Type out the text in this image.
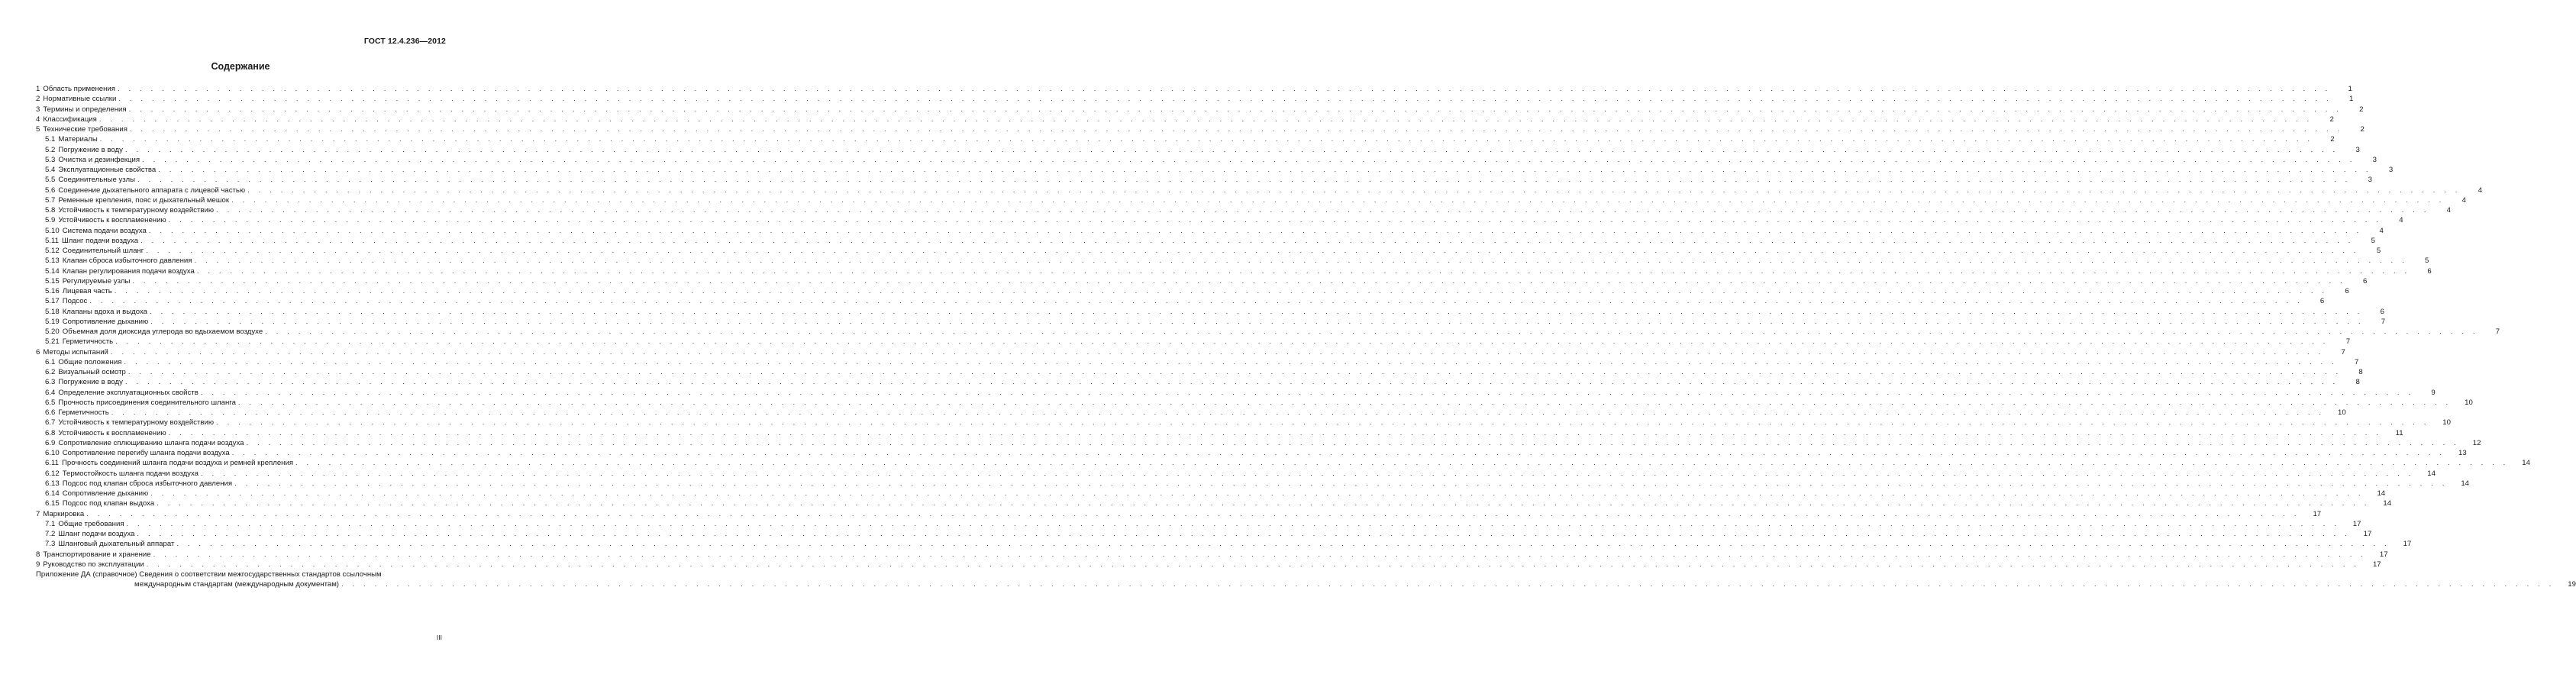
ГОСТ 12.4.236—2012
Содержание
1 Область применения . . . . . . . . . . . . . . . . . . . . . . . . . . . . . . . . . . . . . . . . . . . . . . . . . . . . . . . . . . . . . . . . . . . . . . . . . . . . . . . . . . . . . . . . . . . . . . . . . . . . . . . . . . . . . . . . . . . . . . . . . . . . . . . . . . . . . . . . . . . . . . . . . . . . . . . . . . . . . . . . . . . . . . . . . . . . . . . . . . . . . . . . . . . . . . . . . . . . . . . .	1
2 Нормативные ссылки . . . . . . . . . . . . . . . . . . . . . . . . . . . . . . . . . . . . . . . . . . . . . . . . . . . . . . . . . . . . . . . . . . . . . . . . . . . . . . . . . . . . . . . . . . . . . . . . . . . . . . . . . . . . . . . . . . . . . . . . . . . . . . . . . . . . . . . . . . . . . . . . . . . . . . . . . . . . . . . . . . . . . . . . . . . . . . . . . . . . . . . . . . . . . . . . . . . . . . . .	1
3 Термины и определения . . . . . . . . . . . . . . . . . . . . . . . . . . . . . . . . . . . . . . . . . . . . . . . . . . . . . . . . . . . . . . . . . . . . . . . . . . . . . . . . . . . . . . . . . . . . . . . . . . . . . . . . . . . . . . . . . . . . . . . . . . . . . . . . . . . . . . . . . . . . . . . . . . . . . . . . . . . . . . . . . . . . . . . . . . . . . . . . . . . . . . . . . . . . . . . . . . . . . . . .	2
4 Классификация . . . . . . . . . . . . . . . . . . . . . . . . . . . . . . . . . . . . . . . . . . . . . . . . . . . . . . . . . . . . . . . . . . . . . . . . . . . . . . . . . . . . . . . . . . . . . . . . . . . . . . . . . . . . . . . . . . . . . . . . . . . . . . . . . . . . . . . . . . . . . . . . . . . . . . . . . . . . . . . . . . . . . . . . . . . . . . . . . . . . . . . . . . . . . . . . . . . . . . . .	2
5 Технические требования . . . . . . . . . . . . . . . . . . . . . . . . . . . . . . . . . . . . . . . . . . . . . . . . . . . . . . . . . . . . . . . . . . . . . . . . . . . . . . . . . . . . . . . . . . . . . . . . . . . . . . . . . . . . . . . . . . . . . . . . . . . . . . . . . . . . . . . . . . . . . . . . . . . . . . . . . . . . . . . . . . . . . . . . . . . . . . . . . . . . . . . . . . . . . . . . . . . . . . . .	2
5.1 Материалы . . . . . . . . . . . . . . . . . . . . . . . . . . . . . . . . . . . . . . . . . . . . . . . . . . . . . . . . . . . . . . . . . . . . . . . . . . . . . . . . . . . . . . . . . . . . . . . . . . . . . . . . . . . . . . . . . . . . . . . . . . . . . . . . . . . . . . . . . . . . . . . . . . . . . . . . . . . . . . . . . . . . . . . . . . . . . . . . . . . . . . . . . . . . . . . . . . . . . . . .	2
5.2 Погружение в воду . . . . . . . . . . . . . . . . . . . . . . . . . . . . . . . . . . . . . . . . . . . . . . . . . . . . . . . . . . . . . . . . . . . . . . . . . . . . . . . . . . . . . . . . . . . . . . . . . . . . . . . . . . . . . . . . . . . . . . . . . . . . . . . . . . . . . . . . . . . . . . . . . . . . . . . . . . . . . . . . . . . . . . . . . . . . . . . . . . . . . . . . . . . . . . . . . . . . . . . .	3
5.3 Очистка и дезинфекция . . . . . . . . . . . . . . . . . . . . . . . . . . . . . . . . . . . . . . . . . . . . . . . . . . . . . . . . . . . . . . . . . . . . . . . . . . . . . . . . . . . . . . . . . . . . . . . . . . . . . . . . . . . . . . . . . . . . . . . . . . . . . . . . . . . . . . . . . . . . . . . . . . . . . . . . . . . . . . . . . . . . . . . . . . . . . . . . . . . . . . . . . . . . . . . . . . . . . . . .	3
5.4 Эксплуатационные свойства . . . . . . . . . . . . . . . . . . . . . . . . . . . . . . . . . . . . . . . . . . . . . . . . . . . . . . . . . . . . . . . . . . . . . . . . . . . . . . . . . . . . . . . . . . . . . . . . . . . . . . . . . . . . . . . . . . . . . . . . . . . . . . . . . . . . . . . . . . . . . . . . . . . . . . . . . . . . . . . . . . . . . . . . . . . . . . . . . . . . . . . . . . . . . . . . . . . . . . . .	3
5.5 Соединительные узлы . . . . . . . . . . . . . . . . . . . . . . . . . . . . . . . . . . . . . . . . . . . . . . . . . . . . . . . . . . . . . . . . . . . . . . . . . . . . . . . . . . . . . . . . . . . . . . . . . . . . . . . . . . . . . . . . . . . . . . . . . . . . . . . . . . . . . . . . . . . . . . . . . . . . . . . . . . . . . . . . . . . . . . . . . . . . . . . . . . . . . . . . . . . . . . . . . . . . . . . .	3
5.6 Соединение дыхательного аппарата с лицевой частью . . . . . . . . . . . . . . . . . . . . . . . . . . . . . . . . . . . . . . . . . . . . . . . . . . . . . . . . . . . . . . . . . . . . . . . . . . . . . . . . . . . . . . . . . . . . . . . . . . . . . . . . . . . . . . . . . . . . . . . . . . . . . . . . . . . . . . . . . . . . . . . . . . . . . . . . . . . . . . . . . . . . . . . . . . . . . . . . . . . . . . . . . . . . . . . . . . . . . . . .	4
5.7 Ременные крепления, пояс и дыхательный мешок . . . . . . . . . . . . . . . . . . . . . . . . . . . . . . . . . . . . . . . . . . . . . . . . . . . . . . . . . . . . . . . . . . . . . . . . . . . . . . . . . . . . . . . . . . . . . . . . . . . . . . . . . . . . . . . . . . . . . . . . . . . . . . . . . . . . . . . . . . . . . . . . . . . . . . . . . . . . . . . . . . . . . . . . . . . . . . . . . . . . . . . . . . . . . . . . . . . . . . . .	4
5.8 Устойчивость к температурному воздействию . . . . . . . . . . . . . . . . . . . . . . . . . . . . . . . . . . . . . . . . . . . . . . . . . . . . . . . . . . . . . . . . . . . . . . . . . . . . . . . . . . . . . . . . . . . . . . . . . . . . . . . . . . . . . . . . . . . . . . . . . . . . . . . . . . . . . . . . . . . . . . . . . . . . . . . . . . . . . . . . . . . . . . . . . . . . . . . . . . . . . . . . . . . . . . . . . . . . . . . .	4
5.9 Устойчивость к воспламенению . . . . . . . . . . . . . . . . . . . . . . . . . . . . . . . . . . . . . . . . . . . . . . . . . . . . . . . . . . . . . . . . . . . . . . . . . . . . . . . . . . . . . . . . . . . . . . . . . . . . . . . . . . . . . . . . . . . . . . . . . . . . . . . . . . . . . . . . . . . . . . . . . . . . . . . . . . . . . . . . . . . . . . . . . . . . . . . . . . . . . . . . . . . . . . . . . . . . . . . .	4
5.10 Система подачи воздуха . . . . . . . . . . . . . . . . . . . . . . . . . . . . . . . . . . . . . . . . . . . . . . . . . . . . . . . . . . . . . . . . . . . . . . . . . . . . . . . . . . . . . . . . . . . . . . . . . . . . . . . . . . . . . . . . . . . . . . . . . . . . . . . . . . . . . . . . . . . . . . . . . . . . . . . . . . . . . . . . . . . . . . . . . . . . . . . . . . . . . . . . . . . . . . . . . . . . . . . .	4
5.11 Шланг подачи воздуха . . . . . . . . . . . . . . . . . . . . . . . . . . . . . . . . . . . . . . . . . . . . . . . . . . . . . . . . . . . . . . . . . . . . . . . . . . . . . . . . . . . . . . . . . . . . . . . . . . . . . . . . . . . . . . . . . . . . . . . . . . . . . . . . . . . . . . . . . . . . . . . . . . . . . . . . . . . . . . . . . . . . . . . . . . . . . . . . . . . . . . . . . . . . . . . . . . . . . . . .	5
5.12 Соединительный шланг . . . . . . . . . . . . . . . . . . . . . . . . . . . . . . . . . . . . . . . . . . . . . . . . . . . . . . . . . . . . . . . . . . . . . . . . . . . . . . . . . . . . . . . . . . . . . . . . . . . . . . . . . . . . . . . . . . . . . . . . . . . . . . . . . . . . . . . . . . . . . . . . . . . . . . . . . . . . . . . . . . . . . . . . . . . . . . . . . . . . . . . . . . . . . . . . . . . . . . . .	5
5.13 Клапан сброса избыточного давления . . . . . . . . . . . . . . . . . . . . . . . . . . . . . . . . . . . . . . . . . . . . . . . . . . . . . . . . . . . . . . . . . . . . . . . . . . . . . . . . . . . . . . . . . . . . . . . . . . . . . . . . . . . . . . . . . . . . . . . . . . . . . . . . . . . . . . . . . . . . . . . . . . . . . . . . . . . . . . . . . . . . . . . . . . . . . . . . . . . . . . . . . . . . . . . . . . . . . . . .	5
5.14 Клапан регулирования подачи воздуха . . . . . . . . . . . . . . . . . . . . . . . . . . . . . . . . . . . . . . . . . . . . . . . . . . . . . . . . . . . . . . . . . . . . . . . . . . . . . . . . . . . . . . . . . . . . . . . . . . . . . . . . . . . . . . . . . . . . . . . . . . . . . . . . . . . . . . . . . . . . . . . . . . . . . . . . . . . . . . . . . . . . . . . . . . . . . . . . . . . . . . . . . . . . . . . . . . . . . . . .	6
5.15 Регулируемые узлы . . . . . . . . . . . . . . . . . . . . . . . . . . . . . . . . . . . . . . . . . . . . . . . . . . . . . . . . . . . . . . . . . . . . . . . . . . . . . . . . . . . . . . . . . . . . . . . . . . . . . . . . . . . . . . . . . . . . . . . . . . . . . . . . . . . . . . . . . . . . . . . . . . . . . . . . . . . . . . . . . . . . . . . . . . . . . . . . . . . . . . . . . . . . . . . . . . . . . . . .	6
5.16 Лицевая часть . . . . . . . . . . . . . . . . . . . . . . . . . . . . . . . . . . . . . . . . . . . . . . . . . . . . . . . . . . . . . . . . . . . . . . . . . . . . . . . . . . . . . . . . . . . . . . . . . . . . . . . . . . . . . . . . . . . . . . . . . . . . . . . . . . . . . . . . . . . . . . . . . . . . . . . . . . . . . . . . . . . . . . . . . . . . . . . . . . . . . . . . . . . . . . . . . . . . . . . .	6
5.17 Подсос . . . . . . . . . . . . . . . . . . . . . . . . . . . . . . . . . . . . . . . . . . . . . . . . . . . . . . . . . . . . . . . . . . . . . . . . . . . . . . . . . . . . . . . . . . . . . . . . . . . . . . . . . . . . . . . . . . . . . . . . . . . . . . . . . . . . . . . . . . . . . . . . . . . . . . . . . . . . . . . . . . . . . . . . . . . . . . . . . . . . . . . . . . . . . . . . . . . . . . . .	6
5.18 Клапаны вдоха и выдоха . . . . . . . . . . . . . . . . . . . . . . . . . . . . . . . . . . . . . . . . . . . . . . . . . . . . . . . . . . . . . . . . . . . . . . . . . . . . . . . . . . . . . . . . . . . . . . . . . . . . . . . . . . . . . . . . . . . . . . . . . . . . . . . . . . . . . . . . . . . . . . . . . . . . . . . . . . . . . . . . . . . . . . . . . . . . . . . . . . . . . . . . . . . . . . . . . . . . . . . .	6
5.19 Сопротивление дыханию . . . . . . . . . . . . . . . . . . . . . . . . . . . . . . . . . . . . . . . . . . . . . . . . . . . . . . . . . . . . . . . . . . . . . . . . . . . . . . . . . . . . . . . . . . . . . . . . . . . . . . . . . . . . . . . . . . . . . . . . . . . . . . . . . . . . . . . . . . . . . . . . . . . . . . . . . . . . . . . . . . . . . . . . . . . . . . . . . . . . . . . . . . . . . . . . . . . . . . . .	7
5.20 Объемная доля диоксида углерода во вдыхаемом воздухе . . . . . . . . . . . . . . . . . . . . . . . . . . . . . . . . . . . . . . . . . . . . . . . . . . . . . . . . . . . . . . . . . . . . . . . . . . . . . . . . . . . . . . . . . . . . . . . . . . . . . . . . . . . . . . . . . . . . . . . . . . . . . . . . . . . . . . . . . . . . . . . . . . . . . . . . . . . . . . . . . . . . . . . . . . . . . . . . . . . . . . . . . . . . . . . . . . . . . . . .	7
5.21 Герметичность . . . . . . . . . . . . . . . . . . . . . . . . . . . . . . . . . . . . . . . . . . . . . . . . . . . . . . . . . . . . . . . . . . . . . . . . . . . . . . . . . . . . . . . . . . . . . . . . . . . . . . . . . . . . . . . . . . . . . . . . . . . . . . . . . . . . . . . . . . . . . . . . . . . . . . . . . . . . . . . . . . . . . . . . . . . . . . . . . . . . . . . . . . . . . . . . . . . . . . . .	7
6 Методы испытаний . . . . . . . . . . . . . . . . . . . . . . . . . . . . . . . . . . . . . . . . . . . . . . . . . . . . . . . . . . . . . . . . . . . . . . . . . . . . . . . . . . . . . . . . . . . . . . . . . . . . . . . . . . . . . . . . . . . . . . . . . . . . . . . . . . . . . . . . . . . . . . . . . . . . . . . . . . . . . . . . . . . . . . . . . . . . . . . . . . . . . . . . . . . . . . . . . . . . . . . .	7
6.1 Общие положения . . . . . . . . . . . . . . . . . . . . . . . . . . . . . . . . . . . . . . . . . . . . . . . . . . . . . . . . . . . . . . . . . . . . . . . . . . . . . . . . . . . . . . . . . . . . . . . . . . . . . . . . . . . . . . . . . . . . . . . . . . . . . . . . . . . . . . . . . . . . . . . . . . . . . . . . . . . . . . . . . . . . . . . . . . . . . . . . . . . . . . . . . . . . . . . . . . . . . . . .	7
6.2 Визуальный осмотр . . . . . . . . . . . . . . . . . . . . . . . . . . . . . . . . . . . . . . . . . . . . . . . . . . . . . . . . . . . . . . . . . . . . . . . . . . . . . . . . . . . . . . . . . . . . . . . . . . . . . . . . . . . . . . . . . . . . . . . . . . . . . . . . . . . . . . . . . . . . . . . . . . . . . . . . . . . . . . . . . . . . . . . . . . . . . . . . . . . . . . . . . . . . . . . . . . . . . . . .	8
6.3 Погружение в воду . . . . . . . . . . . . . . . . . . . . . . . . . . . . . . . . . . . . . . . . . . . . . . . . . . . . . . . . . . . . . . . . . . . . . . . . . . . . . . . . . . . . . . . . . . . . . . . . . . . . . . . . . . . . . . . . . . . . . . . . . . . . . . . . . . . . . . . . . . . . . . . . . . . . . . . . . . . . . . . . . . . . . . . . . . . . . . . . . . . . . . . . . . . . . . . . . . . . . . . .	8
6.4 Определение эксплуатационных свойств . . . . . . . . . . . . . . . . . . . . . . . . . . . . . . . . . . . . . . . . . . . . . . . . . . . . . . . . . . . . . . . . . . . . . . . . . . . . . . . . . . . . . . . . . . . . . . . . . . . . . . . . . . . . . . . . . . . . . . . . . . . . . . . . . . . . . . . . . . . . . . . . . . . . . . . . . . . . . . . . . . . . . . . . . . . . . . . . . . . . . . . . . . . . . . . . . . . . . . . .	9
6.5 Прочность присоединения соединительного шланга . . . . . . . . . . . . . . . . . . . . . . . . . . . . . . . . . . . . . . . . . . . . . . . . . . . . . . . . . . . . . . . . . . . . . . . . . . . . . . . . . . . . . . . . . . . . . . . . . . . . . . . . . . . . . . . . . . . . . . . . . . . . . . . . . . . . . . . . . . . . . . . . . . . . . . . . . . . . . . . . . . . . . . . . . . . . . . . . . . . . . . . . . . . . . . . . . . . . . . . .	10
6.6 Герметичность . . . . . . . . . . . . . . . . . . . . . . . . . . . . . . . . . . . . . . . . . . . . . . . . . . . . . . . . . . . . . . . . . . . . . . . . . . . . . . . . . . . . . . . . . . . . . . . . . . . . . . . . . . . . . . . . . . . . . . . . . . . . . . . . . . . . . . . . . . . . . . . . . . . . . . . . . . . . . . . . . . . . . . . . . . . . . . . . . . . . . . . . . . . . . . . . . . . . . . . .	10
6.7 Устойчивость к температурному воздействию . . . . . . . . . . . . . . . . . . . . . . . . . . . . . . . . . . . . . . . . . . . . . . . . . . . . . . . . . . . . . . . . . . . . . . . . . . . . . . . . . . . . . . . . . . . . . . . . . . . . . . . . . . . . . . . . . . . . . . . . . . . . . . . . . . . . . . . . . . . . . . . . . . . . . . . . . . . . . . . . . . . . . . . . . . . . . . . . . . . . . . . . . . . . . . . . . . . . . . . .	10
6.8 Устойчивость к воспламенению . . . . . . . . . . . . . . . . . . . . . . . . . . . . . . . . . . . . . . . . . . . . . . . . . . . . . . . . . . . . . . . . . . . . . . . . . . . . . . . . . . . . . . . . . . . . . . . . . . . . . . . . . . . . . . . . . . . . . . . . . . . . . . . . . . . . . . . . . . . . . . . . . . . . . . . . . . . . . . . . . . . . . . . . . . . . . . . . . . . . . . . . . . . . . . . . . . . . . . . .	11
6.9 Сопротивление сплющиванию шланга подачи воздуха . . . . . . . . . . . . . . . . . . . . . . . . . . . . . . . . . . . . . . . . . . . . . . . . . . . . . . . . . . . . . . . . . . . . . . . . . . . . . . . . . . . . . . . . . . . . . . . . . . . . . . . . . . . . . . . . . . . . . . . . . . . . . . . . . . . . . . . . . . . . . . . . . . . . . . . . . . . . . . . . . . . . . . . . . . . . . . . . . . . . . . . . . . . . . . . . . . . . . . . .	12
6.10 Сопротивление перегибу шланга подачи воздуха . . . . . . . . . . . . . . . . . . . . . . . . . . . . . . . . . . . . . . . . . . . . . . . . . . . . . . . . . . . . . . . . . . . . . . . . . . . . . . . . . . . . . . . . . . . . . . . . . . . . . . . . . . . . . . . . . . . . . . . . . . . . . . . . . . . . . . . . . . . . . . . . . . . . . . . . . . . . . . . . . . . . . . . . . . . . . . . . . . . . . . . . . . . . . . . . . . . . . . . .	13
6.11 Прочность соединений шланга подачи воздуха и ремней крепления . . . . . . . . . . . . . . . . . . . . . . . . . . . . . . . . . . . . . . . . . . . . . . . . . . . . . . . . . . . . . . . . . . . . . . . . . . . . . . . . . . . . . . . . . . . . . . . . . . . . . . . . . . . . . . . . . . . . . . . . . . . . . . . . . . . . . . . . . . . . . . . . . . . . . . . . . . . . . . . . . . . . . . . . . . . . . . . . . . . . . . . . . . . . . . . . . . . . . . . .	14
6.12 Термостойкость шланга подачи воздуха . . . . . . . . . . . . . . . . . . . . . . . . . . . . . . . . . . . . . . . . . . . . . . . . . . . . . . . . . . . . . . . . . . . . . . . . . . . . . . . . . . . . . . . . . . . . . . . . . . . . . . . . . . . . . . . . . . . . . . . . . . . . . . . . . . . . . . . . . . . . . . . . . . . . . . . . . . . . . . . . . . . . . . . . . . . . . . . . . . . . . . . . . . . . . . . . . . . . . . . .	14
6.13 Подсос под клапан сброса избыточного давления . . . . . . . . . . . . . . . . . . . . . . . . . . . . . . . . . . . . . . . . . . . . . . . . . . . . . . . . . . . . . . . . . . . . . . . . . . . . . . . . . . . . . . . . . . . . . . . . . . . . . . . . . . . . . . . . . . . . . . . . . . . . . . . . . . . . . . . . . . . . . . . . . . . . . . . . . . . . . . . . . . . . . . . . . . . . . . . . . . . . . . . . . . . . . . . . . . . . . . . .	14
6.14 Сопротивление дыханию . . . . . . . . . . . . . . . . . . . . . . . . . . . . . . . . . . . . . . . . . . . . . . . . . . . . . . . . . . . . . . . . . . . . . . . . . . . . . . . . . . . . . . . . . . . . . . . . . . . . . . . . . . . . . . . . . . . . . . . . . . . . . . . . . . . . . . . . . . . . . . . . . . . . . . . . . . . . . . . . . . . . . . . . . . . . . . . . . . . . . . . . . . . . . . . . . . . . . . . .	14
6.15 Подсос под клапан выдоха . . . . . . . . . . . . . . . . . . . . . . . . . . . . . . . . . . . . . . . . . . . . . . . . . . . . . . . . . . . . . . . . . . . . . . . . . . . . . . . . . . . . . . . . . . . . . . . . . . . . . . . . . . . . . . . . . . . . . . . . . . . . . . . . . . . . . . . . . . . . . . . . . . . . . . . . . . . . . . . . . . . . . . . . . . . . . . . . . . . . . . . . . . . . . . . . . . . . . . . .	14
7 Маркировка . . . . . . . . . . . . . . . . . . . . . . . . . . . . . . . . . . . . . . . . . . . . . . . . . . . . . . . . . . . . . . . . . . . . . . . . . . . . . . . . . . . . . . . . . . . . . . . . . . . . . . . . . . . . . . . . . . . . . . . . . . . . . . . . . . . . . . . . . . . . . . . . . . . . . . . . . . . . . . . . . . . . . . . . . . . . . . . . . . . . . . . . . . . . . . . . . . . . . . . .	17
7.1 Общие требования . . . . . . . . . . . . . . . . . . . . . . . . . . . . . . . . . . . . . . . . . . . . . . . . . . . . . . . . . . . . . . . . . . . . . . . . . . . . . . . . . . . . . . . . . . . . . . . . . . . . . . . . . . . . . . . . . . . . . . . . . . . . . . . . . . . . . . . . . . . . . . . . . . . . . . . . . . . . . . . . . . . . . . . . . . . . . . . . . . . . . . . . . . . . . . . . . . . . . . . .	17
7.2 Шланг подачи воздуха . . . . . . . . . . . . . . . . . . . . . . . . . . . . . . . . . . . . . . . . . . . . . . . . . . . . . . . . . . . . . . . . . . . . . . . . . . . . . . . . . . . . . . . . . . . . . . . . . . . . . . . . . . . . . . . . . . . . . . . . . . . . . . . . . . . . . . . . . . . . . . . . . . . . . . . . . . . . . . . . . . . . . . . . . . . . . . . . . . . . . . . . . . . . . . . . . . . . . . . .	17
7.3 Шланговый дыхательный аппарат . . . . . . . . . . . . . . . . . . . . . . . . . . . . . . . . . . . . . . . . . . . . . . . . . . . . . . . . . . . . . . . . . . . . . . . . . . . . . . . . . . . . . . . . . . . . . . . . . . . . . . . . . . . . . . . . . . . . . . . . . . . . . . . . . . . . . . . . . . . . . . . . . . . . . . . . . . . . . . . . . . . . . . . . . . . . . . . . . . . . . . . . . . . . . . . . . . . . . . . .	17
8 Транспортирование и хранение . . . . . . . . . . . . . . . . . . . . . . . . . . . . . . . . . . . . . . . . . . . . . . . . . . . . . . . . . . . . . . . . . . . . . . . . . . . . . . . . . . . . . . . . . . . . . . . . . . . . . . . . . . . . . . . . . . . . . . . . . . . . . . . . . . . . . . . . . . . . . . . . . . . . . . . . . . . . . . . . . . . . . . . . . . . . . . . . . . . . . . . . . . . . . . . . . . . . . . . .	17
9 Руководство по эксплуатации . . . . . . . . . . . . . . . . . . . . . . . . . . . . . . . . . . . . . . . . . . . . . . . . . . . . . . . . . . . . . . . . . . . . . . . . . . . . . . . . . . . . . . . . . . . . . . . . . . . . . . . . . . . . . . . . . . . . . . . . . . . . . . . . . . . . . . . . . . . . . . . . . . . . . . . . . . . . . . . . . . . . . . . . . . . . . . . . . . . . . . . . . . . . . . . . . . . . . . . .	17
Приложение ДА (справочное) Сведения о соответствии межгосударственных стандартов ссылочным
международным стандартам (международным документам) . . . . . . . . . . . . . . . . . . . . . . . . . . . . . . . . . . . . . . . . . . . . . . . . . . . . . . . . . . . . . . . . . . . . . . . . . . . . . . . . . . . . . . . . . . . . . . . . . . . . . . . . . . . . . . . . . . . . . . . . . . . . . . . . . . . . . . . . . . . . . . . . . . . . . . . . . . . . . . . . . . . . . . . . . . . . . . . . . . . . . . . . . . . . . . . . . . . . . . . .	19
III
